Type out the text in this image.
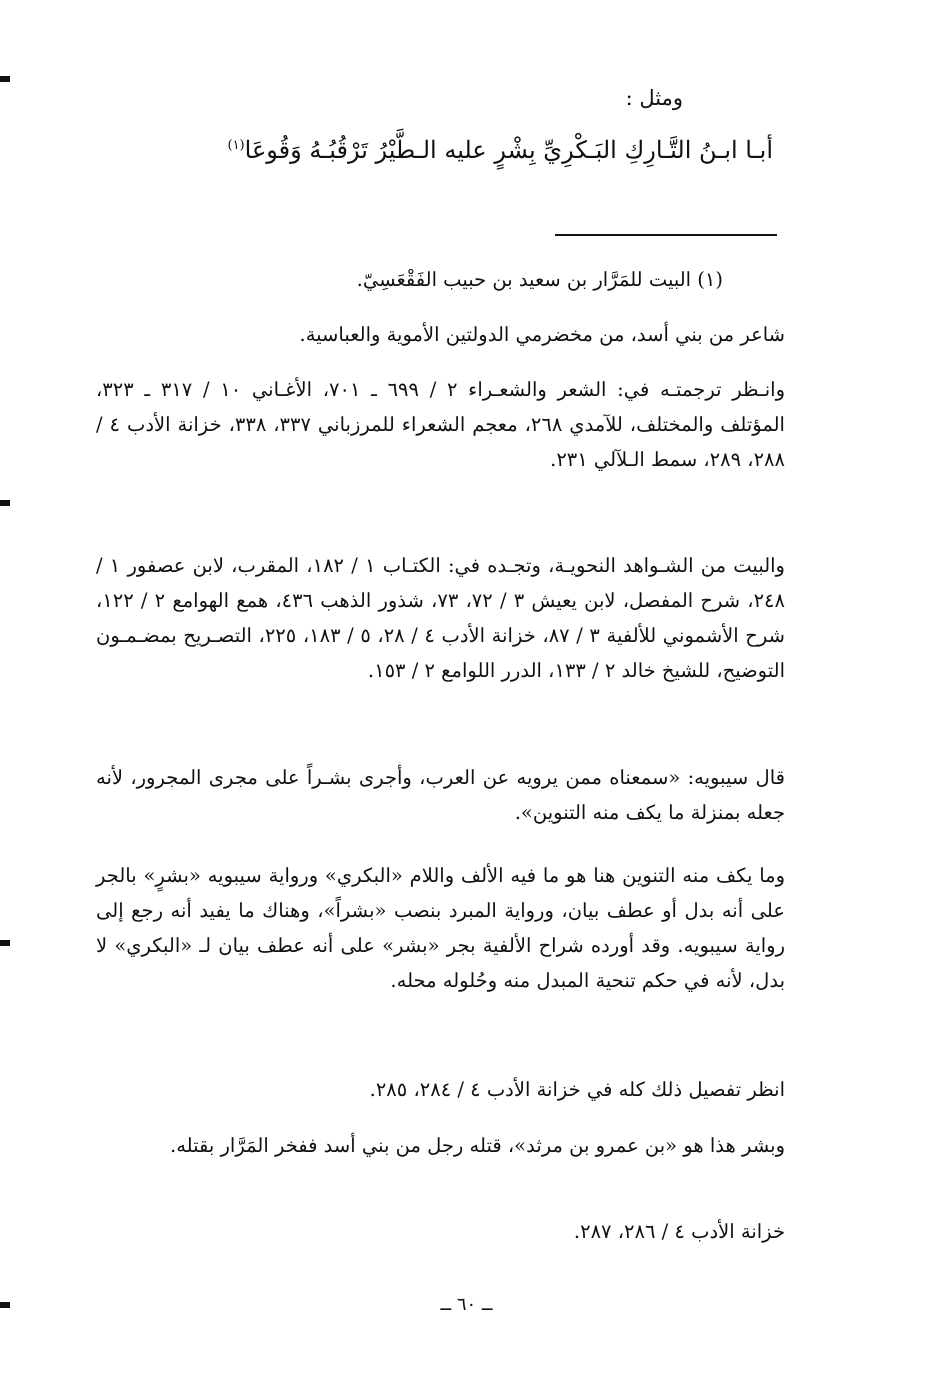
ومثل :
أبـا ابـنُ التَّـارِكِ البَـكْرِيِّ بِشْرٍ عليه الـطَّيْرُ تَرْقُبُـهُ وَقُوعَا$^{(١)}$
(١) البيت للمَرَّار بن سعيد بن حبيب الفَقْعَسِيّ.
شاعر من بني أسد، من مخضرمي الدولتين الأموية والعباسية.
وانـظر ترجمتـه في: الشعر والشعـراء ٢ / ٦٩٩ ـ ٧٠١، الأغـاني ١٠ / ٣١٧ ـ ٣٢٣، المؤتلف والمختلف، للآمدي ٢٦٨، معجم الشعراء للمرزباني ٣٣٧، ٣٣٨، خزانة الأدب ٤ / ٢٨٨، ٢٨٩، سمط الـلآلي ٢٣١.
والبيت من الشـواهد النحويـة، وتجـده في: الكتـاب ١ / ١٨٢، المقرب، لابن عصفور ١ / ٢٤٨، شرح المفصل، لابن يعيش ٣ / ٧٢، ٧٣، شذور الذهب ٤٣٦، همع الهوامع ٢ / ١٢٢، شرح الأشموني للألفية ٣ / ٨٧، خزانة الأدب ٤ / ٢٨، ٥ / ١٨٣، ٢٢٥، التصـريح بمضـمـون التوضيح، للشيخ خالد ٢ / ١٣٣، الدرر اللوامع ٢ / ١٥٣.
قال سيبويه: «سمعناه ممن يرويه عن العرب، وأجرى بشـراً على مجرى المجرور، لأنه جعله بمنزلة ما يكف منه التنوين».
وما يكف منه التنوين هنا هو ما فيه الألف واللام «البكري» ورواية سيبويه «بشرٍ» بالجر على أنه بدل أو عطف بيان، ورواية المبرد بنصب «بشراً»، وهناك ما يفيد أنه رجع إلى رواية سيبويه. وقد أورده شراح الألفية بجر «بشر» على أنه عطف بيان لـ «البكري» لا بدل، لأنه في حكم تنحية المبدل منه وحُلوله محله.
انظر تفصيل ذلك كله في خزانة الأدب ٤ / ٢٨٤، ٢٨٥.
وبشر هذا هو «بن عمرو بن مرثد»، قتله رجل من بني أسد ففخر المَرَّار بقتله.
خزانة الأدب ٤ / ٢٨٦، ٢٨٧.
ــ ٦٠ ــ
